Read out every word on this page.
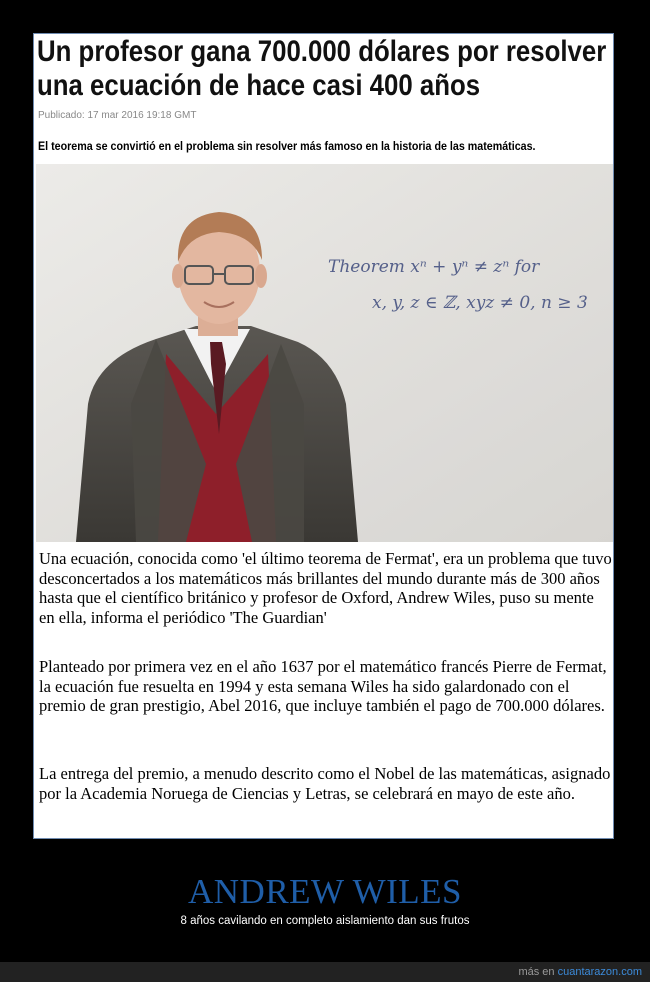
Un profesor gana 700.000 dólares por resolver una ecuación de hace casi 400 años
Publicado: 17 mar 2016 19:18 GMT
El teorema se convirtió en el problema sin resolver más famoso en la historia de las matemáticas.
Theorem xⁿ + yⁿ ≠ zⁿ for
x, y, z ∈ ℤ, xyz ≠ 0, n ≥ 3

Una ecuación, conocida como 'el último teorema de Fermat', era un problema que tuvo desconcertados a los matemáticos más brillantes del mundo durante más de 300 años hasta que el científico británico y profesor de Oxford, Andrew Wiles, puso su mente en ella, informa el periódico 'The Guardian'

Planteado por primera vez en el año 1637 por el matemático francés Pierre de Fermat, la ecuación fue resuelta en 1994 y esta semana Wiles ha sido galardonado con el premio de gran prestigio, Abel 2016, que incluye también el pago de 700.000 dólares.

La entrega del premio, a menudo descrito como el Nobel de las matemáticas, asignado por la Academia Noruega de Ciencias y Letras, se celebrará en mayo de este año.

ANDREW WILES
8 años cavilando en completo aislamiento dan sus frutos
más en cuantarazon.com
